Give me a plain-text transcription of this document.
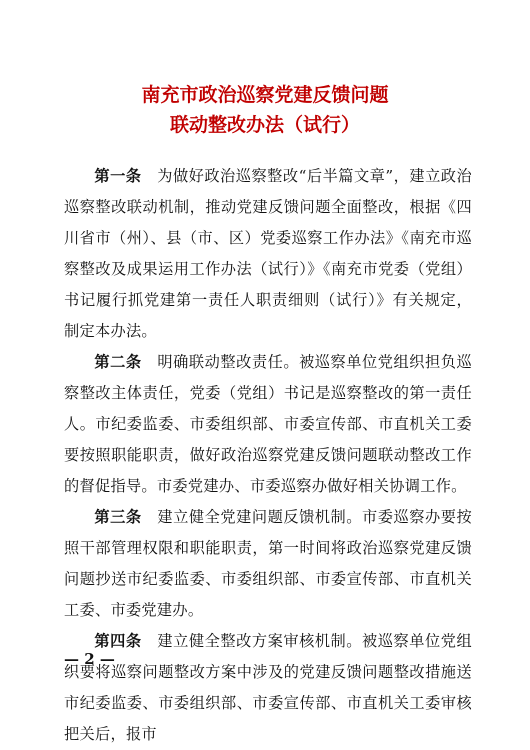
南充市政治巡察党建反馈问题
联动整改办法（试行）

第一条　 为做好政治巡察整改“后半篇文章”，建立政治巡察整改联动机制，推动党建反馈问题全面整改，根据《四川省市（州）、县（市、区）党委巡察工作办法》《南充市巡察整改及成果运用工作办法（试行）》《南充市党委（党组）书记履行抓党建第一责任人职责细则（试行）》有关规定，制定本办法。

第二条　 明确联动整改责任。被巡察单位党组织担负巡察整改主体责任，党委（党组）书记是巡察整改的第一责任人。市纪委监委、市委组织部、市委宣传部、市直机关工委要按照职能职责，做好政治巡察党建反馈问题联动整改工作的督促指导。市委党建办、市委巡察办做好相关协调工作。

第三条　 建立健全党建问题反馈机制。市委巡察办要按照干部管理权限和职能职责，第一时间将政治巡察党建反馈问题抄送市纪委监委、市委组织部、市委宣传部、市直机关工委、市委党建办。

第四条　 建立健全整改方案审核机制。被巡察单位党组织要将巡察问题整改方案中涉及的党建反馈问题整改措施送市纪委监委、市委组织部、市委宣传部、市直机关工委审核把关后，报市

— 2 —
